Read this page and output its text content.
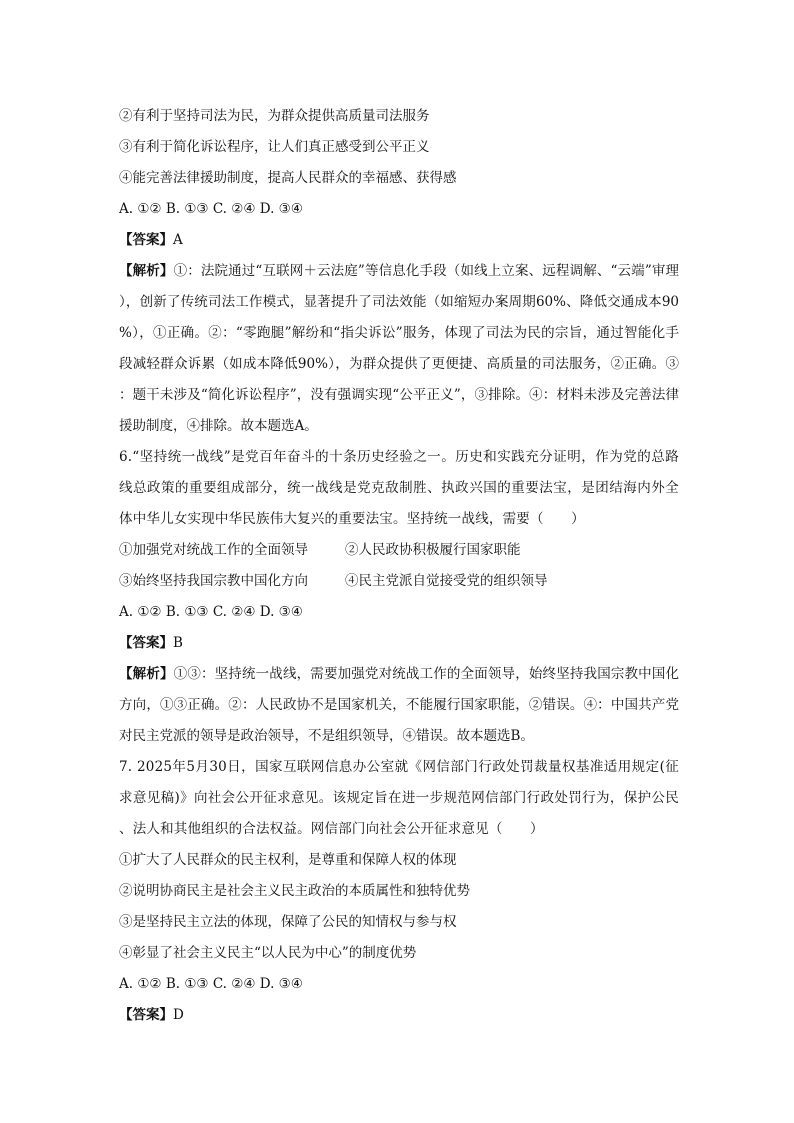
②有利于坚持司法为民，为群众提供高质量司法服务
③有利于简化诉讼程序，让人们真正感受到公平正义
④能完善法律援助制度，提高人民群众的幸福感、获得感
A. ①② B. ①③ C. ②④ D. ③④
【答案】A
【解析】①：法院通过“互联网＋云法庭”等信息化手段（如线上立案、远程调解、“云端”审理），创新了传统司法工作模式，显著提升了司法效能（如缩短办案周期60%、降低交通成本90%），①正确。②：“零跑腿”解纷和“指尖诉讼”服务，体现了司法为民的宗旨，通过智能化手段减轻群众诉累（如成本降低90%），为群众提供了更便捷、高质量的司法服务，②正确。③：题干未涉及“简化诉讼程序”，没有强调实现“公平正义”，③排除。④：材料未涉及完善法律援助制度，④排除。故本题选A。
6.“坚持统一战线”是党百年奋斗的十条历史经验之一。历史和实践充分证明，作为党的总路线总政策的重要组成部分，统一战线是党克敌制胜、执政兴国的重要法宝，是团结海内外全体中华儿女实现中华民族伟大复兴的重要法宝。坚持统一战线，需要（　　）
①加强党对统战工作的全面领导	②人民政协积极履行国家职能
③始终坚持我国宗教中国化方向	④民主党派自觉接受党的组织领导
A. ①② B. ①③ C. ②④ D. ③④
【答案】B
【解析】①③：坚持统一战线，需要加强党对统战工作的全面领导，始终坚持我国宗教中国化方向，①③正确。②：人民政协不是国家机关，不能履行国家职能，②错误。④：中国共产党对民主党派的领导是政治领导，不是组织领导，④错误。故本题选B。
7. 2025年5月30日，国家互联网信息办公室就《网信部门行政处罚裁量权基准适用规定(征求意见稿)》向社会公开征求意见。该规定旨在进一步规范网信部门行政处罚行为，保护公民、法人和其他组织的合法权益。网信部门向社会公开征求意见（　　）
①扩大了人民群众的民主权利，是尊重和保障人权的体现
②说明协商民主是社会主义民主政治的本质属性和独特优势
③是坚持民主立法的体现，保障了公民的知情权与参与权
④彰显了社会主义民主“以人民为中心”的制度优势
A. ①② B. ①③ C. ②④ D. ③④
【答案】D
